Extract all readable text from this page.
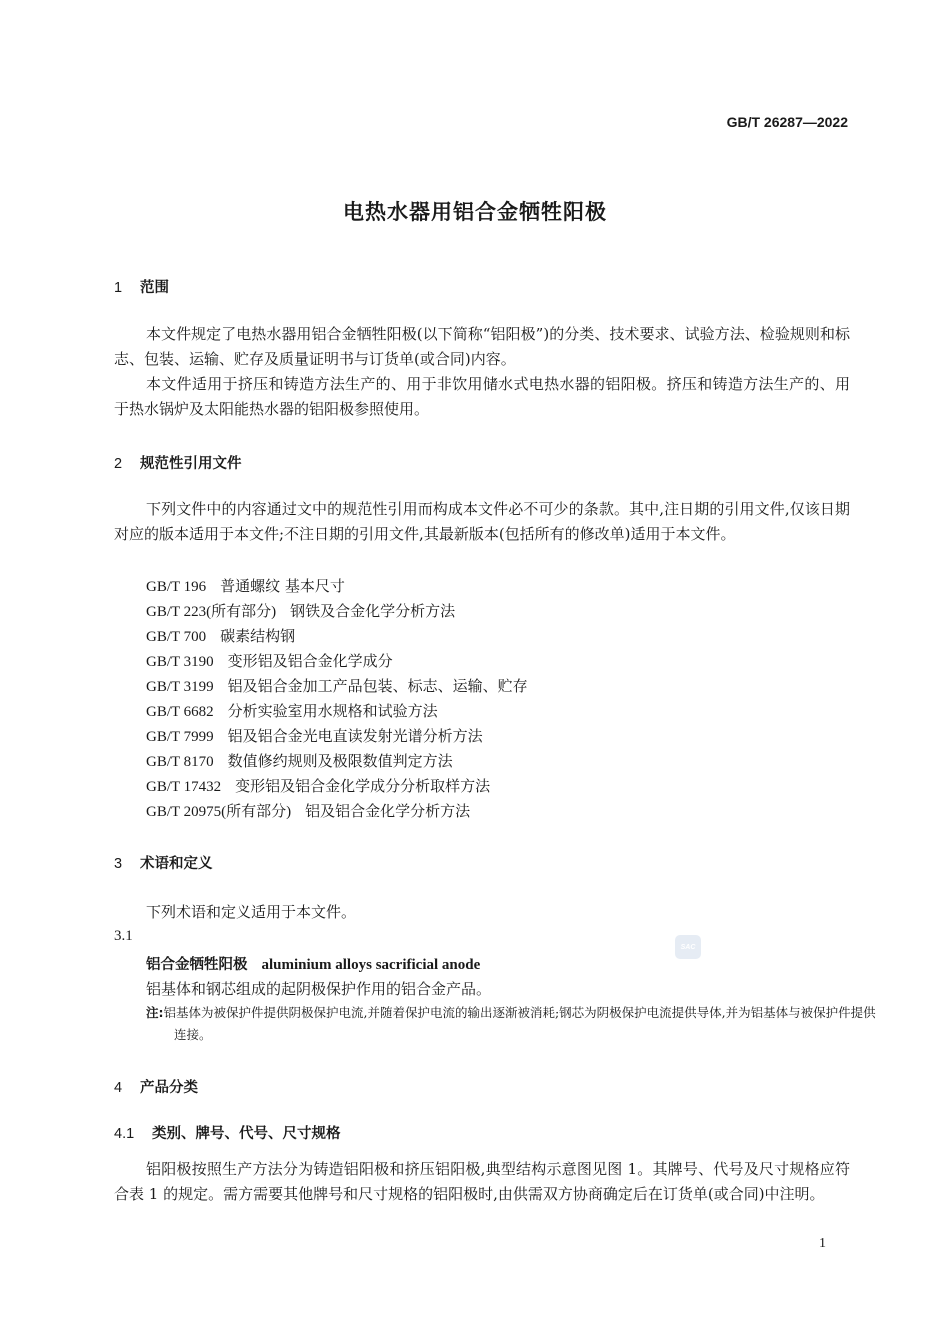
GB/T 26287—2022
电热水器用铝合金牺牲阳极
1 范围
本文件规定了电热水器用铝合金牺牲阳极(以下简称“铝阳极”)的分类、技术要求、试验方法、检验规则和标志、包装、运输、贮存及质量证明书与订货单(或合同)内容。
本文件适用于挤压和铸造方法生产的、用于非饮用储水式电热水器的铝阳极。挤压和铸造方法生产的、用于热水锅炉及太阳能热水器的铝阳极参照使用。
2 规范性引用文件
下列文件中的内容通过文中的规范性引用而构成本文件必不可少的条款。其中,注日期的引用文件,仅该日期对应的版本适用于本文件;不注日期的引用文件,其最新版本(包括所有的修改单)适用于本文件。
GB/T 196 普通螺纹 基本尺寸
GB/T 223(所有部分) 钢铁及合金化学分析方法
GB/T 700 碳素结构钢
GB/T 3190 变形铝及铝合金化学成分
GB/T 3199 铝及铝合金加工产品包装、标志、运输、贮存
GB/T 6682 分析实验室用水规格和试验方法
GB/T 7999 铝及铝合金光电直读发射光谱分析方法
GB/T 8170 数值修约规则及极限数值判定方法
GB/T 17432 变形铝及铝合金化学成分分析取样方法
GB/T 20975(所有部分) 铝及铝合金化学分析方法
3 术语和定义
下列术语和定义适用于本文件。
3.1
铝合金牺牲阳极 aluminium alloys sacrificial anode
铝基体和钢芯组成的起阴极保护作用的铝合金产品。
注:铝基体为被保护件提供阴极保护电流,并随着保护电流的输出逐渐被消耗;钢芯为阴极保护电流提供导体,并为铝基体与被保护件提供连接。
SAC
4 产品分类
4.1 类别、牌号、代号、尺寸规格
铝阳极按照生产方法分为铸造铝阳极和挤压铝阳极,典型结构示意图见图 1。其牌号、代号及尺寸规格应符合表 1 的规定。需方需要其他牌号和尺寸规格的铝阳极时,由供需双方协商确定后在订货单(或合同)中注明。
1
